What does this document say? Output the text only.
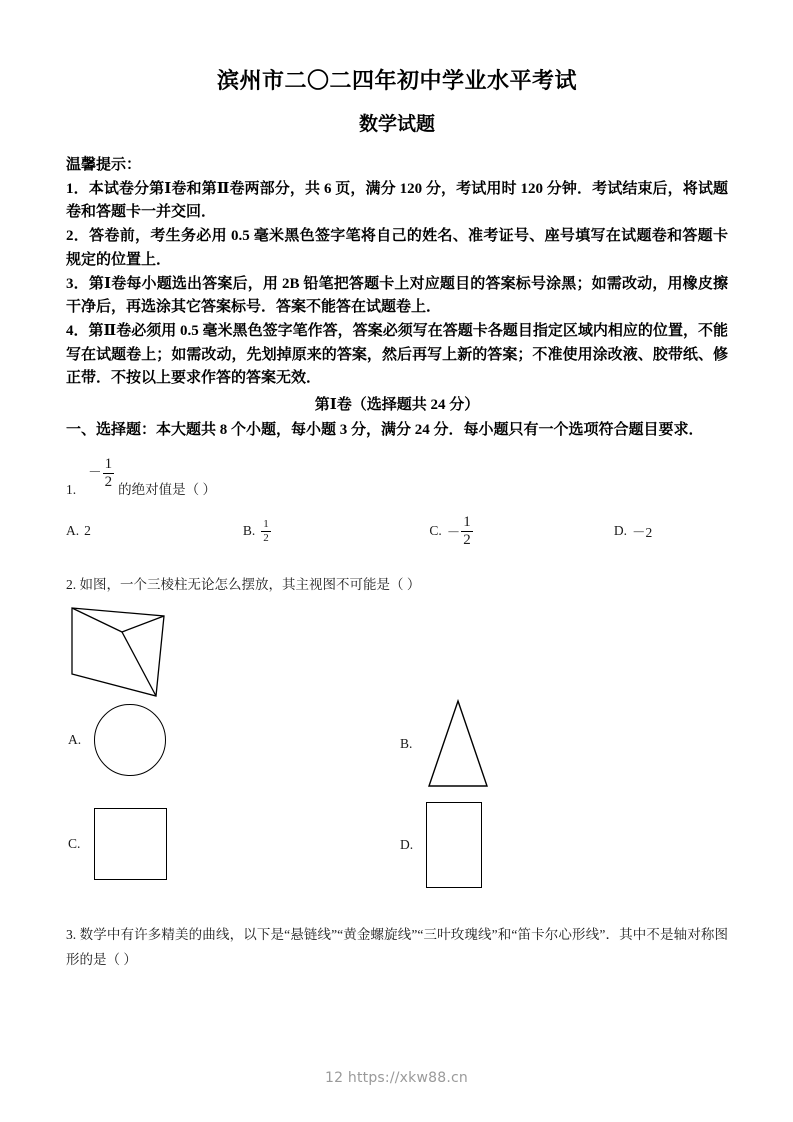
滨州市二〇二四年初中学业水平考试
数学试题
温馨提示：
1．本试卷分第Ⅰ卷和第Ⅱ卷两部分，共 6 页，满分 120 分，考试用时 120 分钟．考试结束后，将试题卷和答题卡一并交回．
2．答卷前，考生务必用 0.5 毫米黑色签字笔将自己的姓名、准考证号、座号填写在试题卷和答题卡规定的位置上．
3．第Ⅰ卷每小题选出答案后，用 2B 铅笔把答题卡上对应题目的答案标号涂黑；如需改动，用橡皮擦干净后，再选涂其它答案标号．答案不能答在试题卷上．
4．第Ⅱ卷必须用 0.5 毫米黑色签字笔作答，答案必须写在答题卡各题目指定区域内相应的位置，不能写在试题卷上；如需改动，先划掉原来的答案，然后再写上新的答案；不准使用涂改液、胶带纸、修正带．不按以上要求作答的答案无效．
第Ⅰ卷（选择题共 24 分）
一、选择题：本大题共 8 个小题，每小题 3 分，满分 24 分．每小题只有一个选项符合题目要求．
1.
－ $\frac{1}{2}$ 的绝对值是（ ）
A. 2	B. $\frac{1}{2}$	C. － $\frac{1}{2}$	D. －2
2. 如图，一个三棱柱无论怎么摆放，其主视图不可能是（ ）
A.	B.
C.	D.
3. 数学中有许多精美的曲线，以下是“悬链线”“黄金螺旋线”“三叶玫瑰线”和“笛卡尔心形线”．其中不是轴对称图形的是（ ）
12 https://xkw88.cn
